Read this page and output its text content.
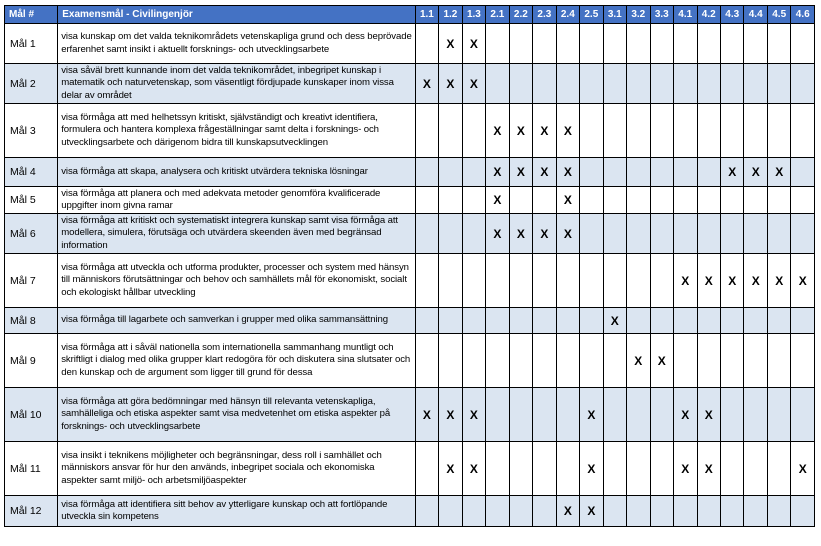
Mål #	Examensmål - Civilingenjör	1.1	1.2	1.3	2.1	2.2	2.3	2.4	2.5	3.1	3.2	3.3	4.1	4.2	4.3	4.4	4.5	4.6
Mål 1	visa kunskap om det valda teknikområdets vetenskapliga grund och dess beprövade erfarenhet samt insikt i aktuellt forsknings- och utvecklingsarbete		X	X														
Mål 2	visa såväl brett kunnande inom det valda teknikområdet, inbegripet kunskap i matematik och naturvetenskap, som väsentligt fördjupade kunskaper inom vissa delar av området	X	X	X														
Mål 3	visa förmåga att med helhetssyn kritiskt, självständigt och kreativt identifiera, formulera och hantera komplexa frågeställningar samt delta i forsknings- och utvecklingsarbete och därigenom bidra till kunskapsutvecklingen				X	X	X	X										
Mål 4	visa förmåga att skapa, analysera och kritiskt utvärdera tekniska lösningar				X	X	X	X							X	X	X	
Mål 5	visa förmåga att planera och med adekvata metoder genomföra kvalificerade uppgifter inom givna ramar				X			X										
Mål 6	visa förmåga att kritiskt och systematiskt integrera kunskap samt visa förmåga att modellera, simulera, förutsäga och utvärdera skeenden även med begränsad information				X	X	X	X										
Mål 7	visa förmåga att utveckla och utforma produkter, processer och system med hänsyn till människors förutsättningar och behov och samhällets mål för ekonomiskt, socialt och ekologiskt hållbar utveckling												X	X	X	X	X	X
Mål 8	visa förmåga till lagarbete och samverkan i grupper med olika sammansättning									X								
Mål 9	visa förmåga att i såväl nationella som internationella sammanhang muntligt och skriftligt i dialog med olika grupper klart redogöra för och diskutera sina slutsater och den kunskap och de argument som ligger till grund för dessa										X	X						
Mål 10	visa förmåga att göra bedömningar med hänsyn till relevanta vetenskapliga, samhälleliga och etiska aspekter samt visa medvetenhet om etiska aspekter på forsknings- och utvecklingsarbete	X	X	X					X				X	X				
Mål 11	visa insikt i teknikens möjligheter och begränsningar, dess roll i samhället och människors ansvar för hur den används, inbegripet sociala och ekonomiska aspekter samt miljö- och arbetsmiljöaspekter		X	X					X				X	X				X
Mål 12	visa förmåga att identifiera sitt behov av ytterligare kunskap och att fortlöpande utveckla sin kompetens							X	X									
